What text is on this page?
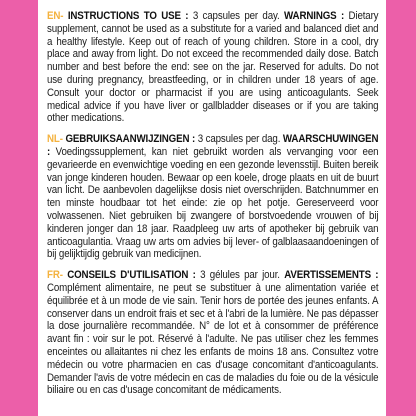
EN- INSTRUCTIONS TO USE : 3 capsules per day. WARNINGS : Dietary supplement, cannot be used as a substitute for a varied and balanced diet and a healthy lifestyle. Keep out of reach of young children. Store in a cool, dry place and away from light. Do not exceed the recommended daily dose. Batch number and best before the end: see on the jar. Reserved for adults. Do not use during pregnancy, breastfeeding, or in children under 18 years of age. Consult your doctor or pharmacist if you are using anticoagulants. Seek medical advice if you have liver or gallbladder diseases or if you are taking other medications.
NL- GEBRUIKSAANWIJZINGEN : 3 capsules per dag. WAARSCHUWINGEN : Voedingssupplement, kan niet gebruikt worden als vervanging voor een gevarieerde en evenwichtige voeding en een gezonde levensstijl. Buiten bereik van jonge kinderen houden. Bewaar op een koele, droge plaats en uit de buurt van licht. De aanbevolen dagelijkse dosis niet overschrijden. Batchnummer en ten minste houdbaar tot het einde: zie op het potje. Gereserveerd voor volwassenen. Niet gebruiken bij zwangere of borstvoedende vrouwen of bij kinderen jonger dan 18 jaar. Raadpleeg uw arts of apotheker bij gebruik van anticoagulantia. Vraag uw arts om advies bij lever- of galblaasaandoeningen of bij gelijktijdig gebruik van medicijnen.
FR- CONSEILS D'UTILISATION : 3 gélules par jour. AVERTISSEMENTS : Complément alimentaire, ne peut se substituer à une alimentation variée et équilibrée et à un mode de vie sain. Tenir hors de portée des jeunes enfants. A conserver dans un endroit frais et sec et à l'abri de la lumière. Ne pas dépasser la dose journalière recommandée. N° de lot et à consommer de préférence avant fin : voir sur le pot. Réservé à l'adulte. Ne pas utiliser chez les femmes enceintes ou allaitantes ni chez les enfants de moins 18 ans. Consultez votre médecin ou votre pharmacien en cas d'usage concomitant d'anticoagulants. Demander l'avis de votre médecin en cas de maladies du foie ou de la vésicule biliaire ou en cas d'usage concomitant de médicaments.
